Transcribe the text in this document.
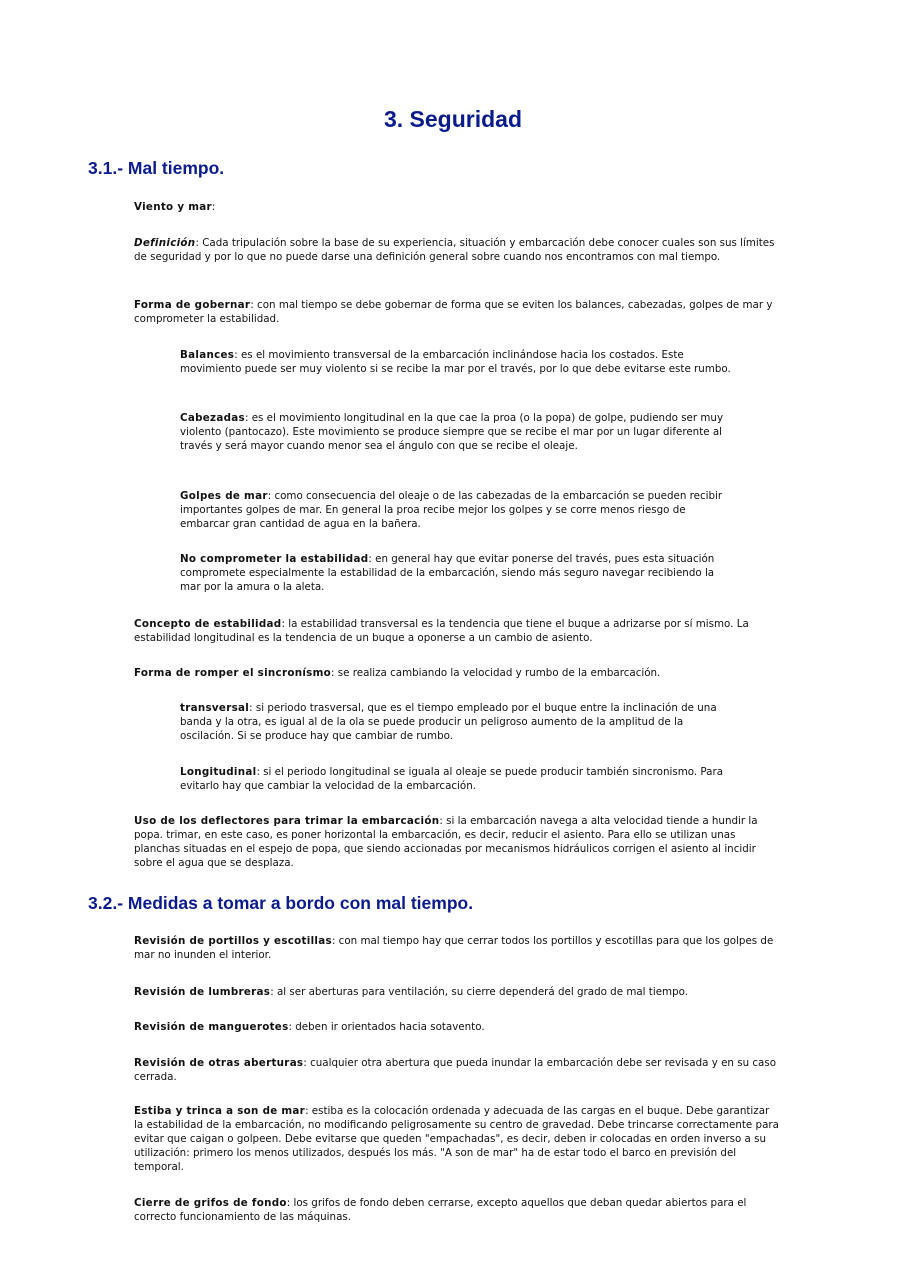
3. Seguridad
3.1.- Mal tiempo.

Viento y mar:

Definición: Cada tripulación sobre la base de su experiencia, situación y embarcación debe conocer cuales son sus límites de seguridad y por lo que no puede darse una definición general sobre cuando nos encontramos con mal tiempo.

Forma de gobernar: con mal tiempo se debe gobernar de forma que se eviten los balances, cabezadas, golpes de mar y comprometer la estabilidad.

Balances: es el movimiento transversal de la embarcación inclinándose hacia los costados. Este movimiento puede ser muy violento si se recibe la mar por el través, por lo que debe evitarse este rumbo.

Cabezadas: es el movimiento longitudinal en la que cae la proa (o la popa) de golpe, pudiendo ser muy violento (pantocazo). Este movimiento se produce siempre que se recibe el mar por un lugar diferente al través y será mayor cuando menor sea el ángulo con que se recibe el oleaje.

Golpes de mar: como consecuencia del oleaje o de las cabezadas de la embarcación se pueden recibir importantes golpes de mar. En general la proa recibe mejor los golpes y se corre menos riesgo de embarcar gran cantidad de agua en la bañera.

No comprometer la estabilidad: en general hay que evitar ponerse del través, pues esta situación compromete especialmente la estabilidad de la embarcación, siendo más seguro navegar recibiendo la mar por la amura o la aleta.

Concepto de estabilidad: la estabilidad transversal es la tendencia que tiene el buque a adrizarse por sí mismo. La estabilidad longitudinal es la tendencia de un buque a oponerse a un cambio de asiento.

Forma de romper el sincronísmo: se realiza cambiando la velocidad y rumbo de la embarcación.

transversal: si periodo trasversal, que es el tiempo empleado por el buque entre la inclinación de una banda y la otra, es igual al de la ola se puede producir un peligroso aumento de la amplitud de la oscilación. Si se produce hay que cambiar de rumbo.

Longitudinal: si el periodo longitudinal se iguala al oleaje se puede producir también sincronismo. Para evitarlo hay que cambiar la velocidad de la embarcación.

Uso de los deflectores para trimar la embarcación: si la embarcación navega a alta velocidad tiende a hundir la popa. trimar, en este caso, es poner horizontal la embarcación, es decir, reducir el asiento. Para ello se utilizan unas planchas situadas en el espejo de popa, que siendo accionadas por mecanismos hidráulicos corrigen el asiento al incidir sobre el agua que se desplaza.

3.2.- Medidas a tomar a bordo con mal tiempo.

Revisión de portillos y escotillas: con mal tiempo hay que cerrar todos los portillos y escotillas para que los golpes de mar no inunden el interior.

Revisión de lumbreras: al ser aberturas para ventilación, su cierre dependerá del grado de mal tiempo.

Revisión de manguerotes: deben ir orientados hacia sotavento.

Revisión de otras aberturas: cualquier otra abertura que pueda inundar la embarcación debe ser revisada y en su caso cerrada.

Estiba y trinca a son de mar: estiba es la colocación ordenada y adecuada de las cargas en el buque. Debe garantizar la estabilidad de la embarcación, no modificando peligrosamente su centro de gravedad. Debe trincarse correctamente para evitar que caigan o golpeen. Debe evitarse que queden "empachadas", es decir, deben ir colocadas en orden inverso a su utilización: primero los menos utilizados, después los más. "A son de mar" ha de estar todo el barco en previsión del temporal.

Cierre de grifos de fondo: los grifos de fondo deben cerrarse, excepto aquellos que deban quedar abiertos para el correcto funcionamiento de las máquinas.
